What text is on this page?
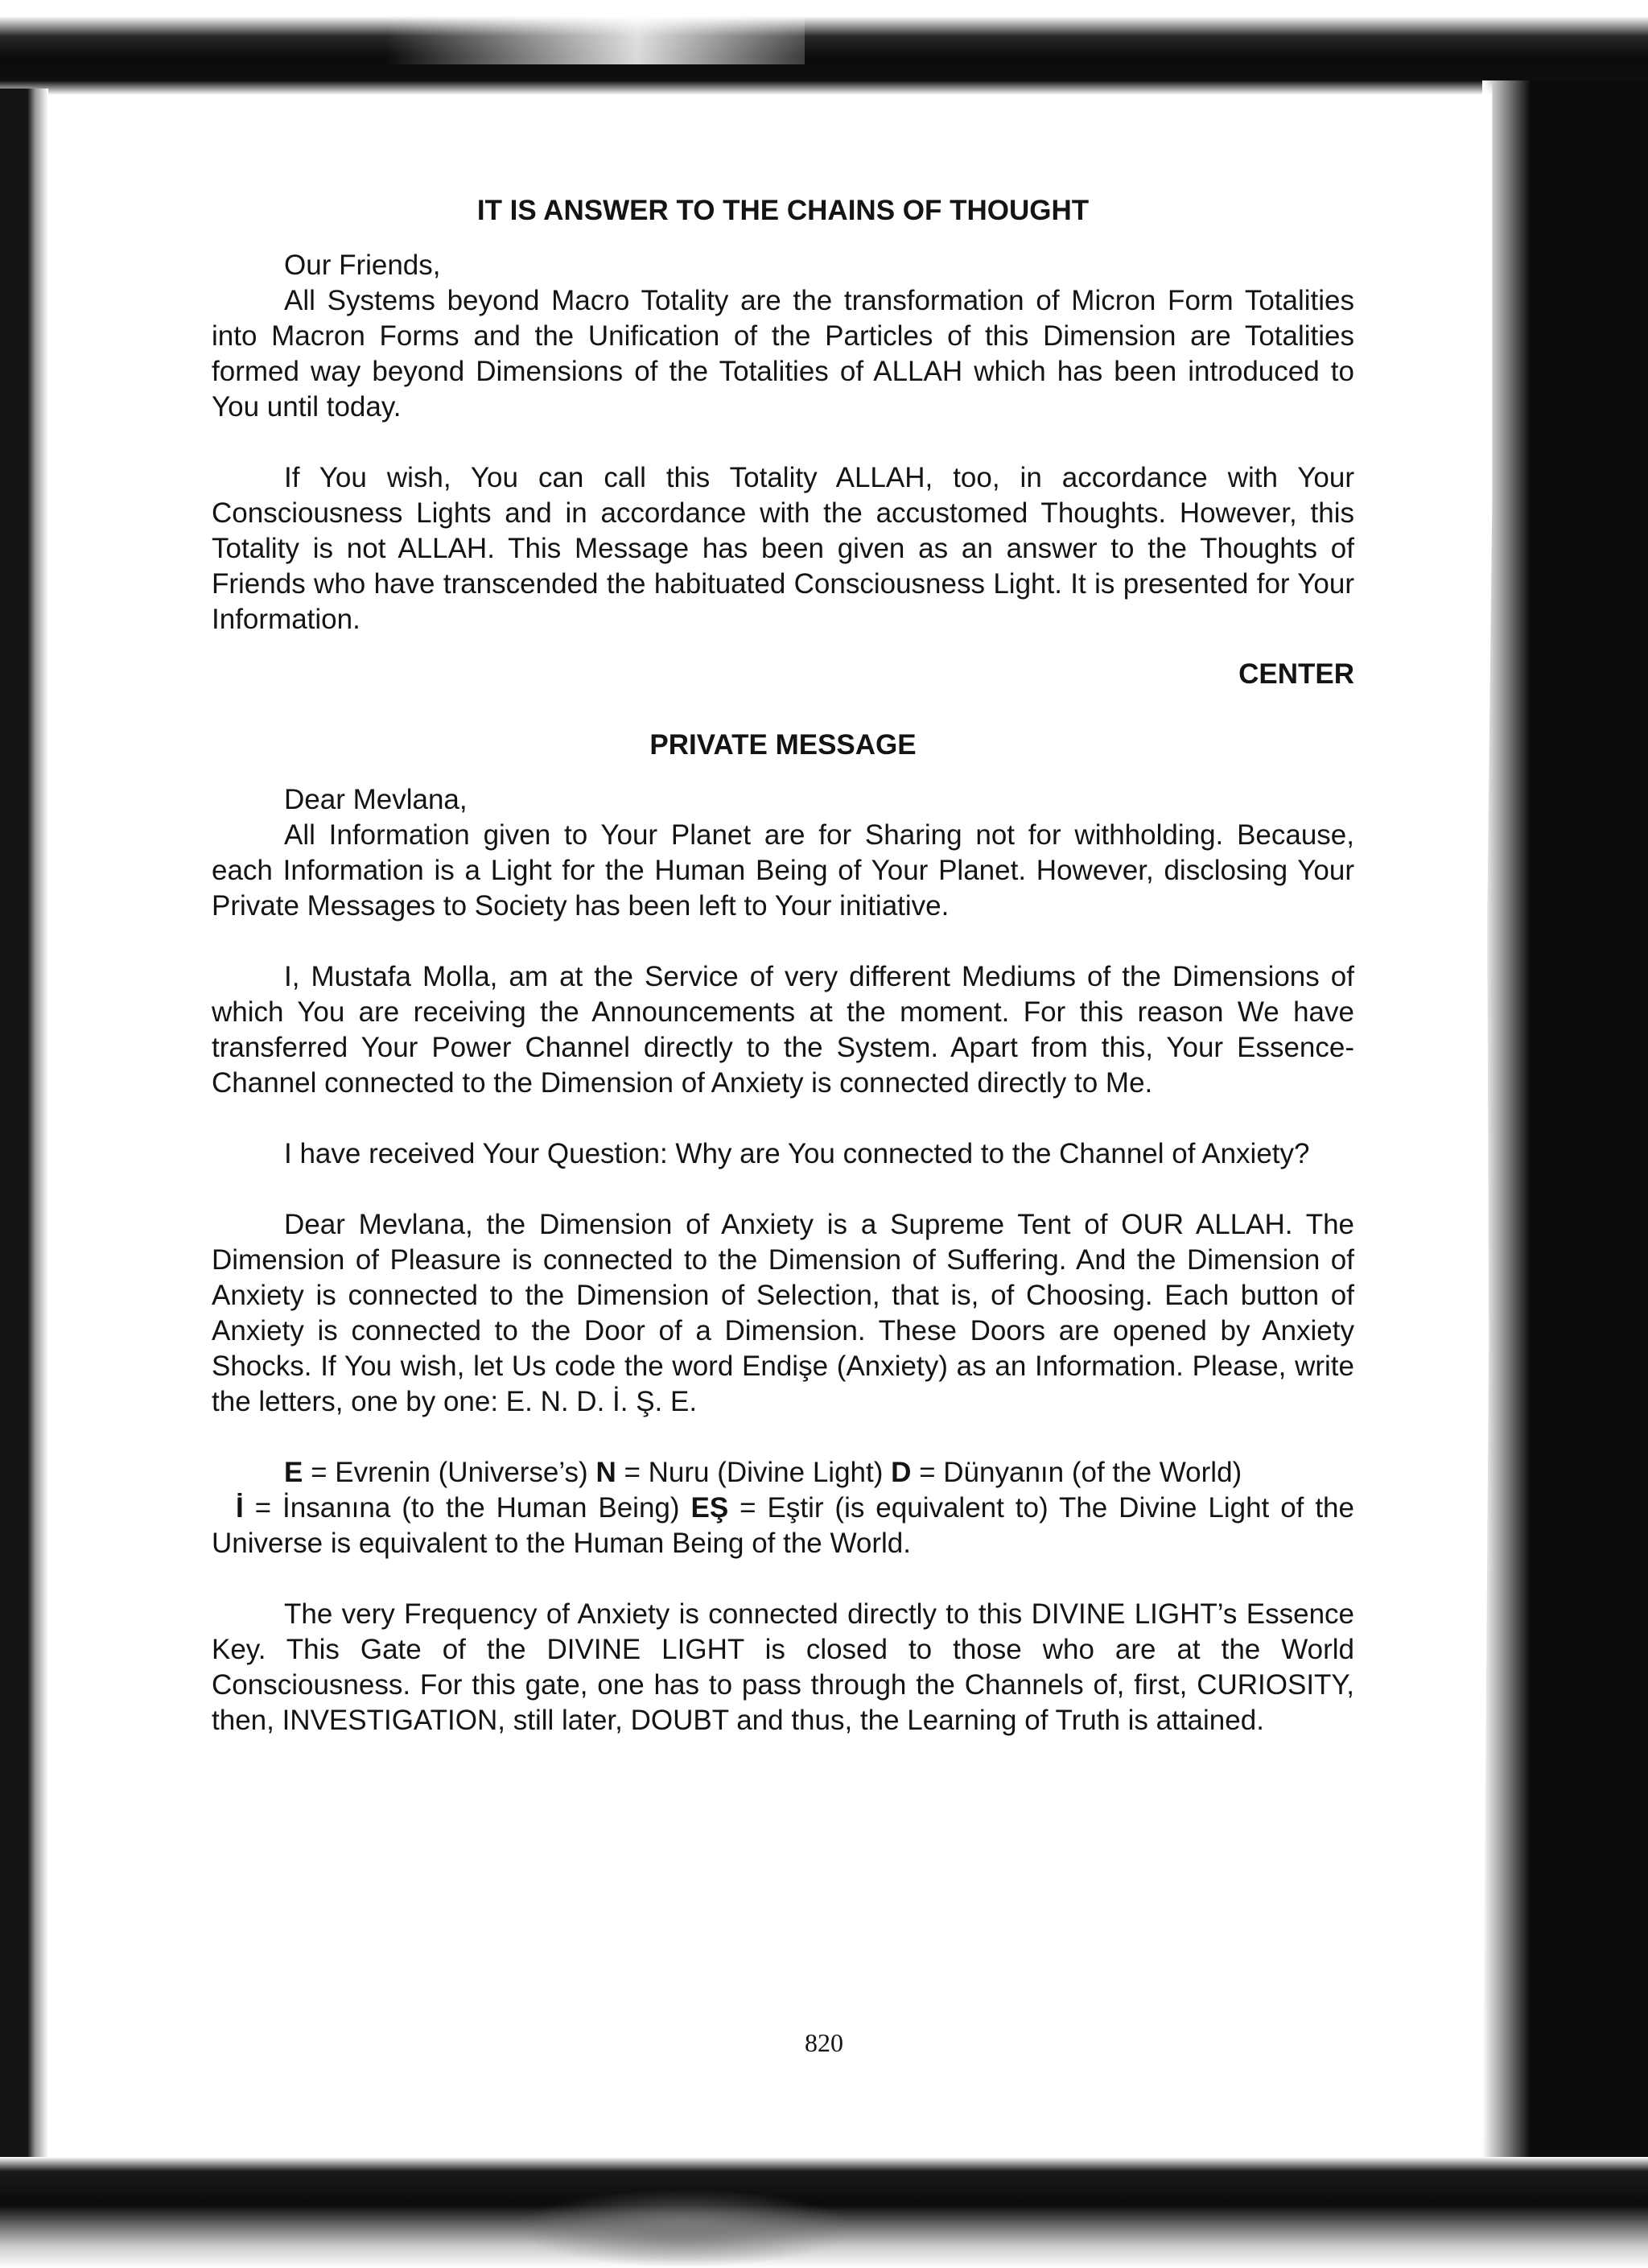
IT IS ANSWER TO THE CHAINS OF THOUGHT

Our Friends,

All Systems beyond Macro Totality are the transformation of Micron Form Totalities into Macron Forms and the Unification of the Particles of this Dimension are Totalities formed way beyond Dimensions of the Totalities of ALLAH which has been introduced to You until today.

If You wish, You can call this Totality ALLAH, too, in accordance with Your Consciousness Lights and in accordance with the accustomed Thoughts. However, this Totality is not ALLAH. This Message has been given as an answer to the Thoughts of Friends who have transcended the habituated Consciousness Light. It is presented for Your Information.

CENTER

PRIVATE MESSAGE

Dear Mevlana,

All Information given to Your Planet are for Sharing not for withholding. Because, each Information is a Light for the Human Being of Your Planet. However, disclosing Your Private Messages to Society has been left to Your initiative.

I, Mustafa Molla, am at the Service of very different Mediums of the Dimensions of which You are receiving the Announcements at the moment. For this reason We have transferred Your Power Channel directly to the System. Apart from this, Your Essence-Channel connected to the Dimension of Anxiety is connected directly to Me.

I have received Your Question: Why are You connected to the Channel of Anxiety?

Dear Mevlana, the Dimension of Anxiety is a Supreme Tent of OUR ALLAH. The Dimension of Pleasure is connected to the Dimension of Suffering. And the Dimension of Anxiety is connected to the Dimension of Selection, that is, of Choosing. Each button of Anxiety is connected to the Door of a Dimension. These Doors are opened by Anxiety Shocks. If You wish, let Us code the word Endişe (Anxiety) as an Information. Please, write the letters, one by one: E. N. D. İ. Ş. E.

E = Evrenin (Universe’s) N = Nuru (Divine Light) D = Dünyanın (of the World)

İ = İnsanına (to the Human Being) EŞ = Eştir (is equivalent to) The Divine Light of the Universe is equivalent to the Human Being of the World.

The very Frequency of Anxiety is connected directly to this DIVINE LIGHT’s Essence Key. This Gate of the DIVINE LIGHT is closed to those who are at the World Consciousness. For this gate, one has to pass through the Channels of, first, CURIOSITY, then, INVESTIGATION, still later, DOUBT and thus, the Learning of Truth is attained.

820
